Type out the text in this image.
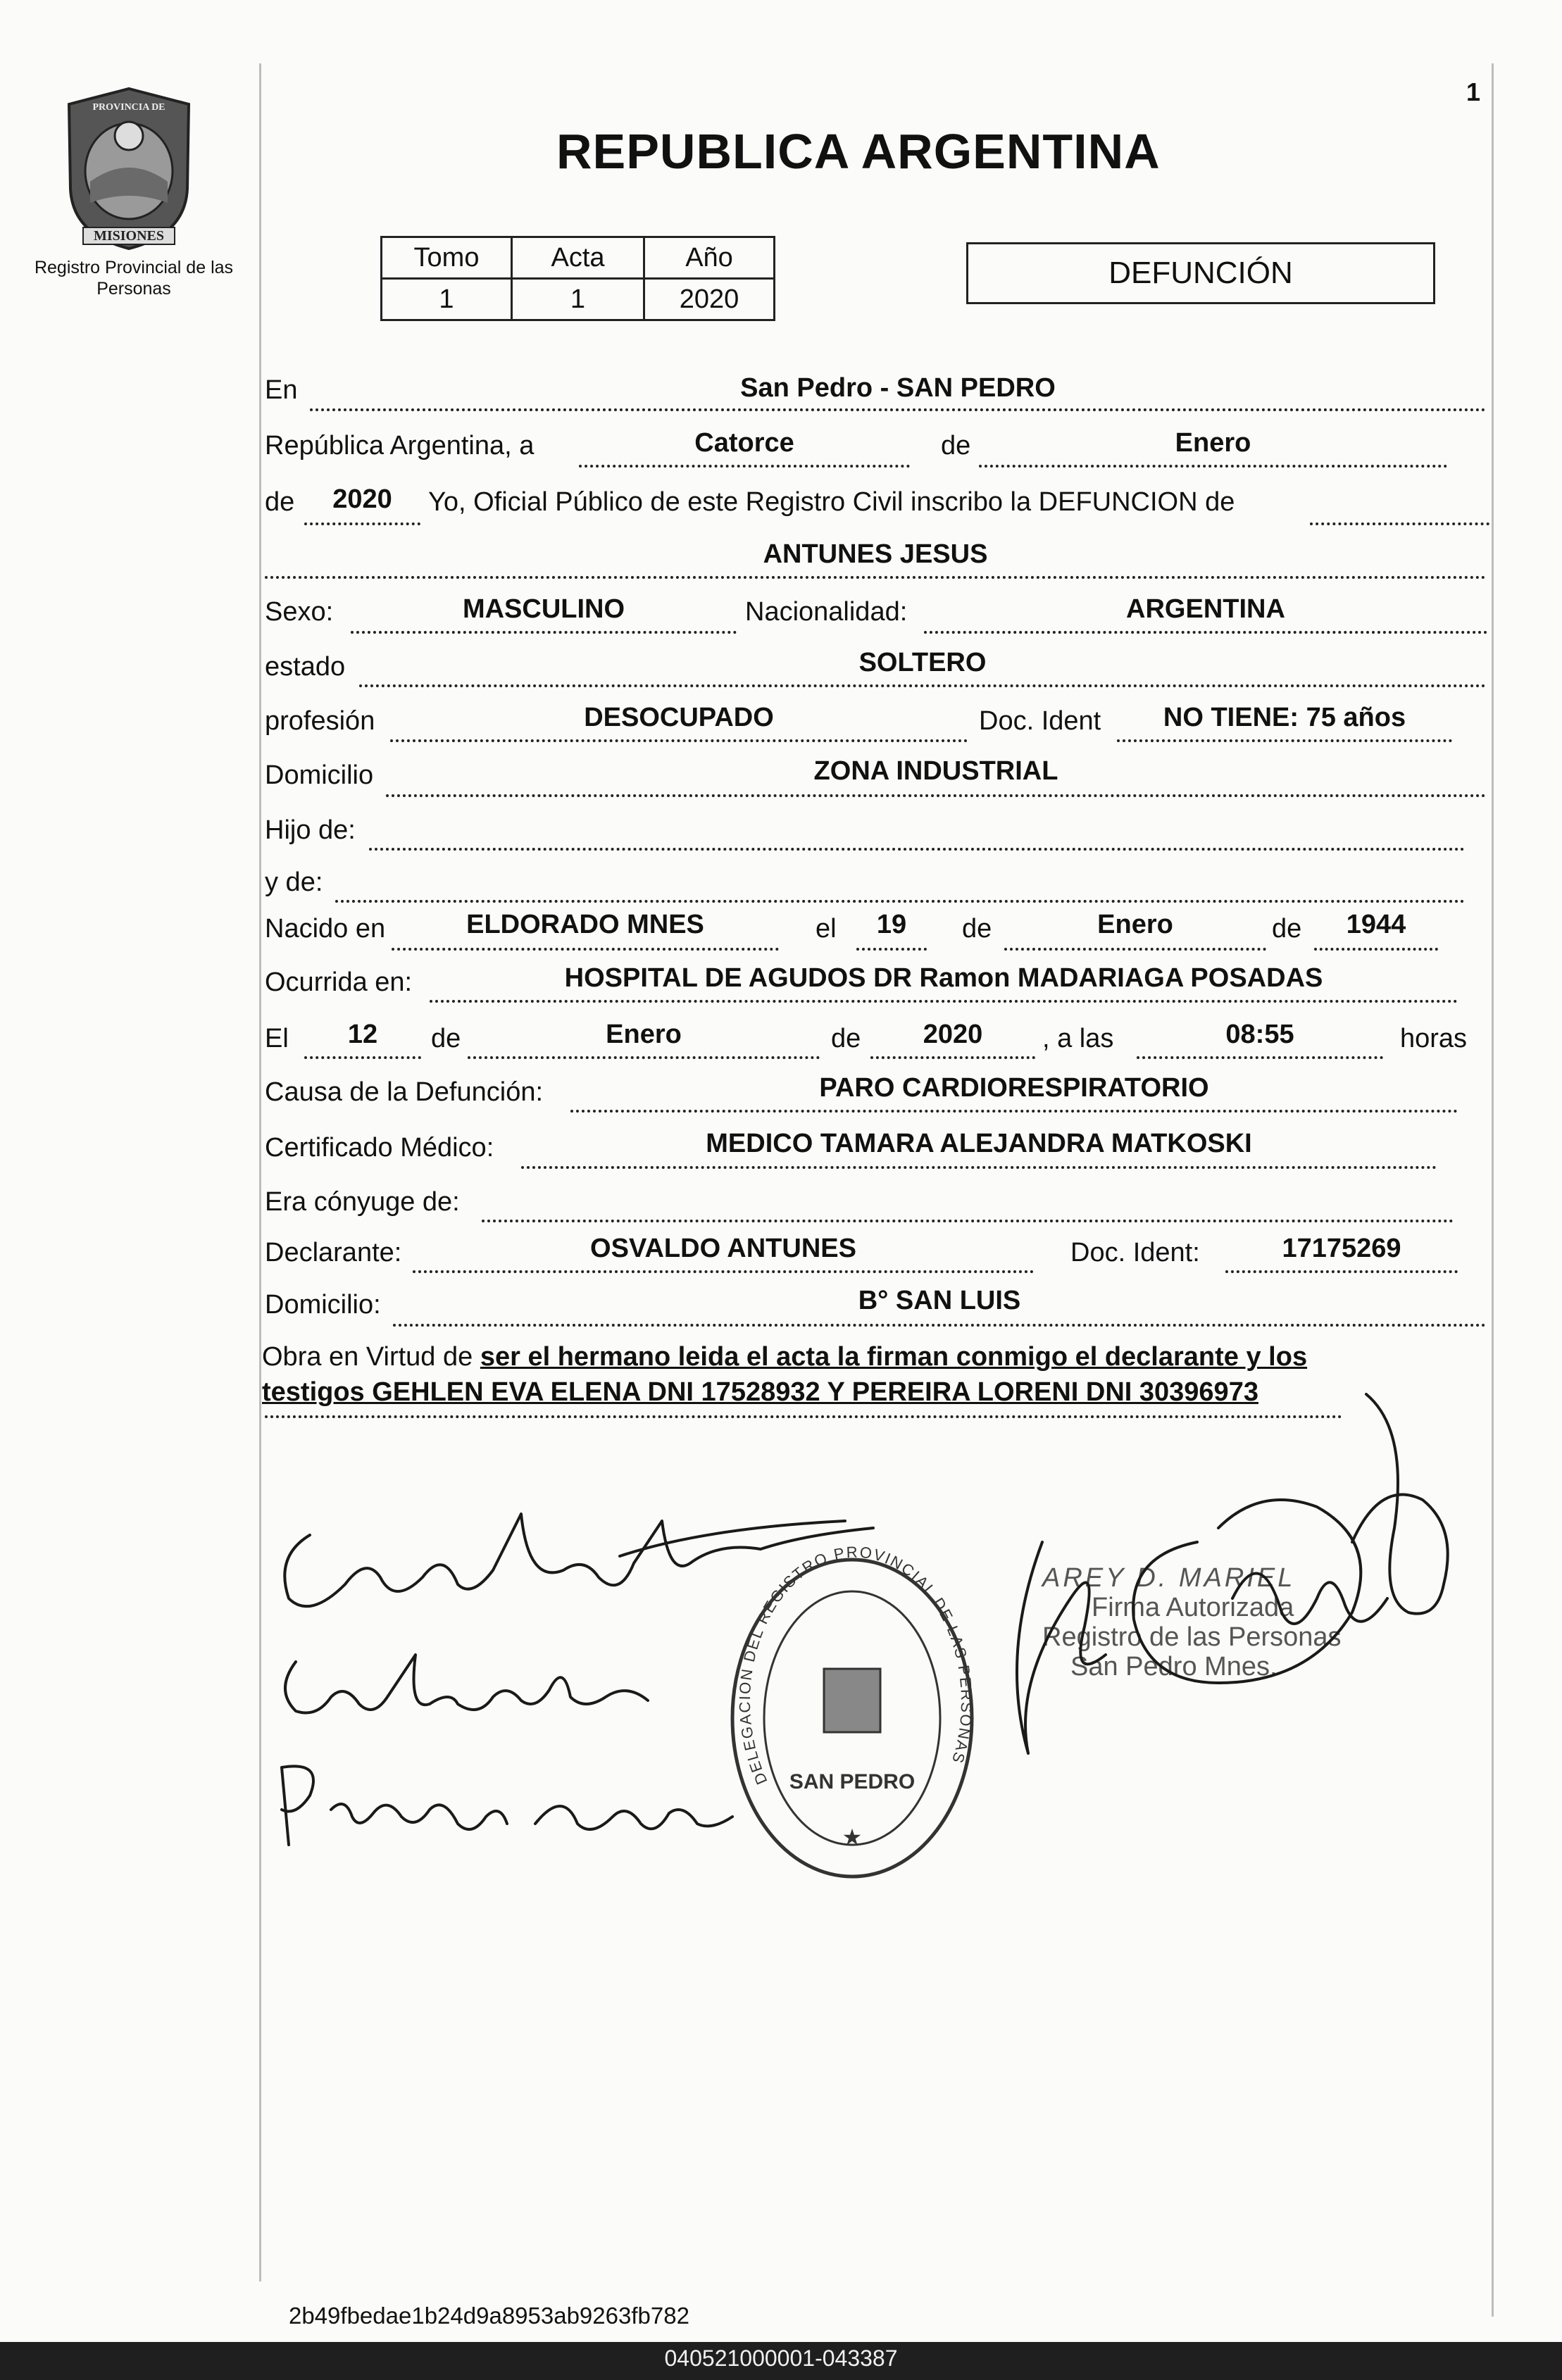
1
MISIONES
PROVINCIA DE
Registro Provincial de las Personas
REPUBLICA ARGENTINA
Tomo	Acta	Año
1	1	2020
DEFUNCIÓN
En	San Pedro - SAN PEDRO
República Argentina, a	Catorce	de	Enero
de	2020	Yo, Oficial Público de este Registro Civil inscribo la DEFUNCION de
ANTUNES JESUS
Sexo:	MASCULINO	Nacionalidad:	ARGENTINA
estado	SOLTERO
profesión	DESOCUPADO	Doc. Ident	NO TIENE: 75 años
Domicilio	ZONA INDUSTRIAL
Hijo de:
y de:
Nacido en	ELDORADO MNES	el	19	de	Enero	de	1944
Ocurrida en:	HOSPITAL DE AGUDOS DR Ramon MADARIAGA POSADAS
El	12	de	Enero	de	2020	, a las	08:55	horas
Causa de la Defunción:	PARO CARDIORESPIRATORIO
Certificado Médico:	MEDICO TAMARA ALEJANDRA MATKOSKI
Era cónyuge de:
Declarante:	OSVALDO ANTUNES	Doc. Ident:	17175269
Domicilio:	B° SAN LUIS
Obra en Virtud de ser el hermano leida el acta la firman conmigo el declarante y los
testigos GEHLEN EVA ELENA DNI 17528932 Y PEREIRA LORENI DNI 30396973
DELEGACION DEL REGISTRO PROVINCIAL DE LAS PERSONAS
SAN PEDRO
★
AREY D. MARIEL
Firma Autorizada
Registro de las Personas
San Pedro Mnes.
2b49fbedae1b24d9a8953ab9263fb782
040521000001-043387
